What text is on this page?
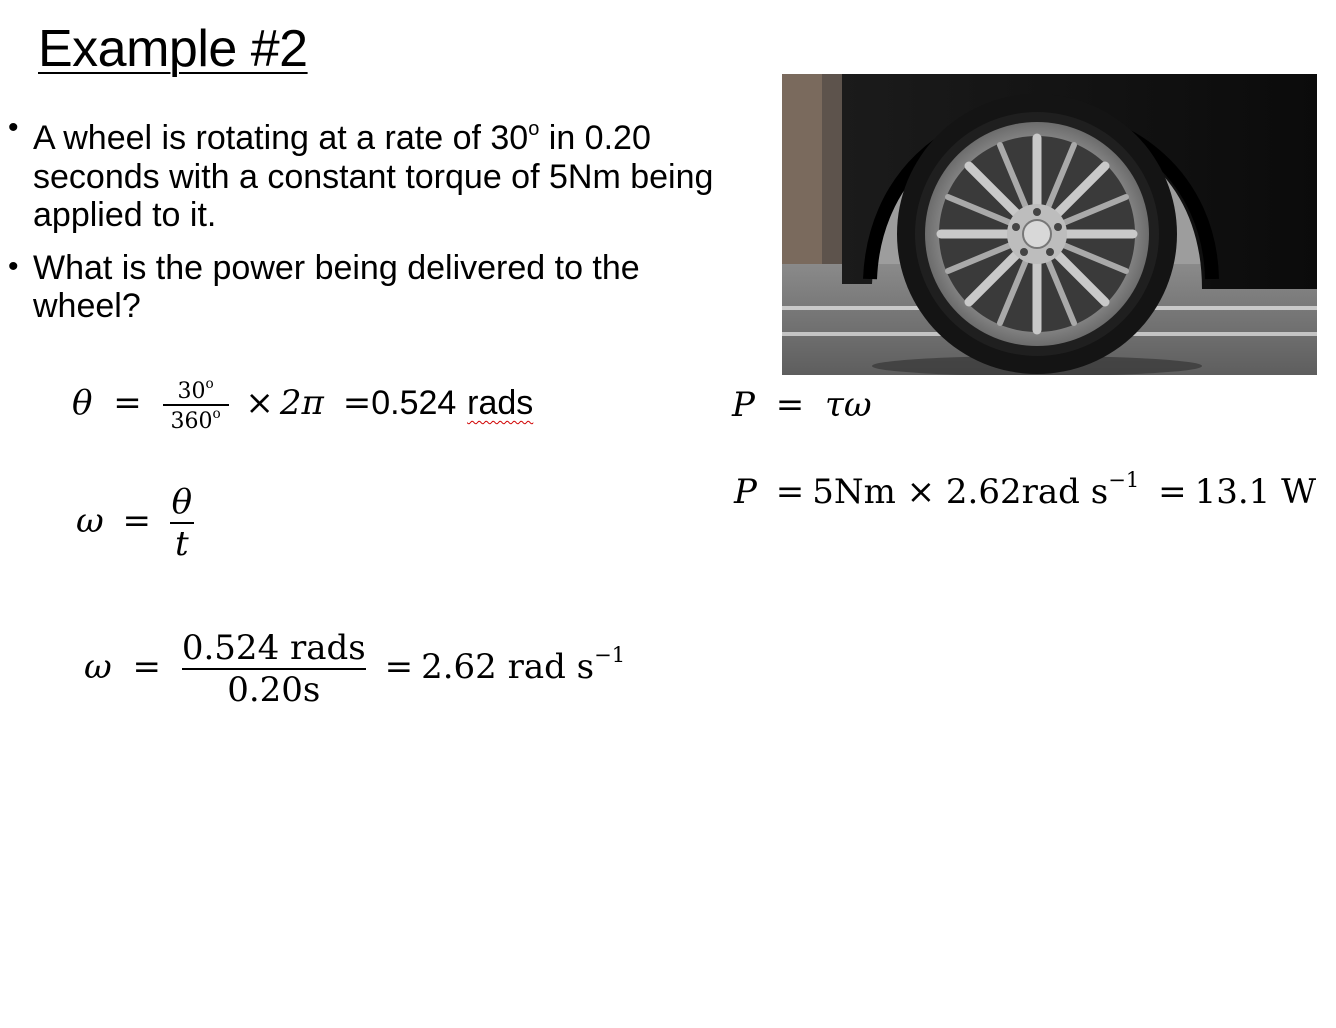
Example #2
• A wheel is rotating at a rate of 30$^o$ in 0.20 seconds with a constant torque of 5Nm being applied to it.
• What is the power being delivered to the wheel?
$\theta = \frac{30^o}{360^o} \times 2\pi =0.524$ rads
$\omega = \frac{\theta}{t}$
$\omega = \frac{\text{0.524 rads}}{0.20s} = 2.62$ rad $s^{-1}$
P = τω
P = 5Nm × 2.62rad $s^{-1} = 13.1$ W
